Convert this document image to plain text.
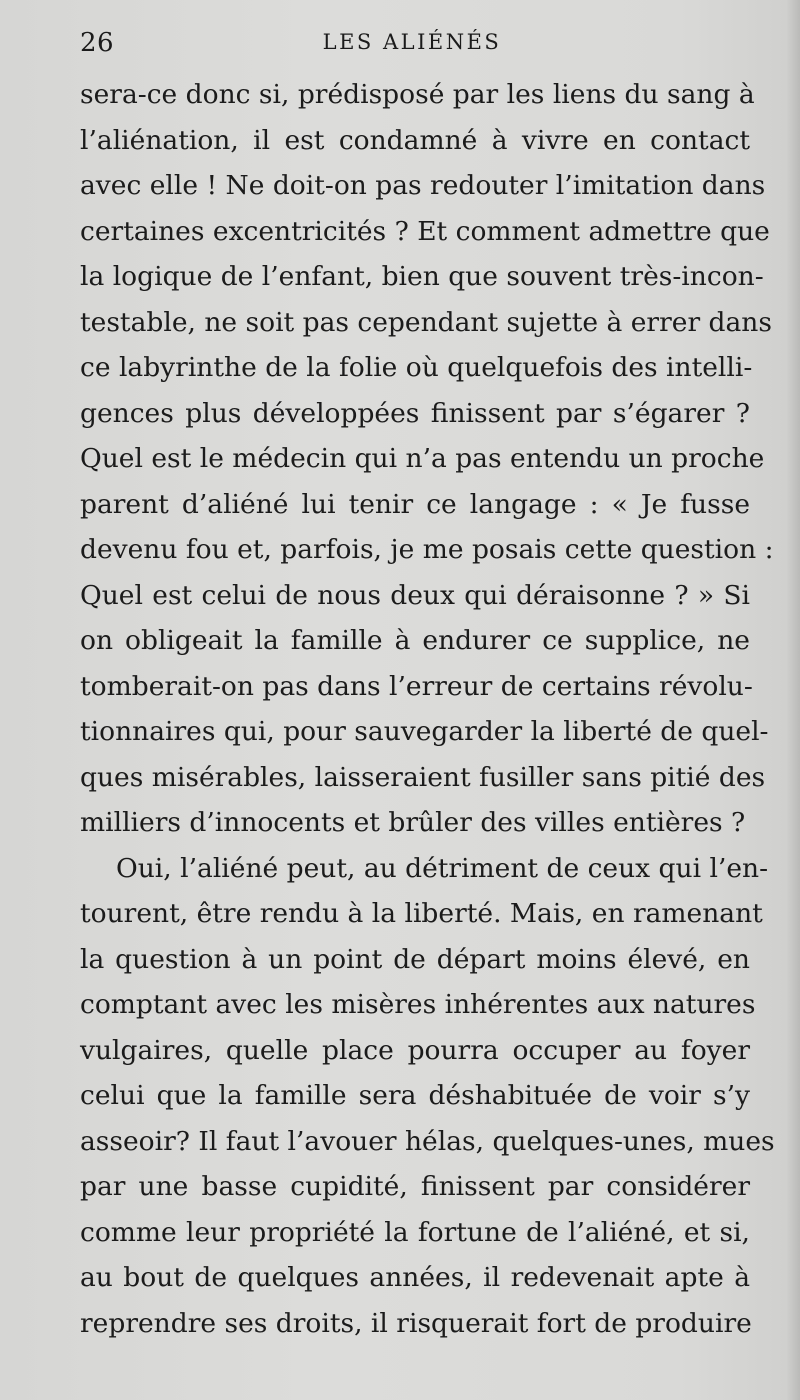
26	LES ALIÉNÉS
sera-ce donc si, prédisposé par les liens du sang à
l’aliénation, il est condamné à vivre en contact
avec elle ! Ne doit-on pas redouter l’imitation dans
certaines excentricités ? Et comment admettre que
la logique de l’enfant, bien que souvent très-incon-
testable, ne soit pas cependant sujette à errer dans
ce labyrinthe de la folie où quelquefois des intelli-
gences plus développées finissent par s’égarer ?
Quel est le médecin qui n’a pas entendu un proche
parent d’aliéné lui tenir ce langage : « Je fusse
devenu fou et, parfois, je me posais cette question :
Quel est celui de nous deux qui déraisonne ? » Si
on obligeait la famille à endurer ce supplice, ne
tomberait-on pas dans l’erreur de certains révolu-
tionnaires qui, pour sauvegarder la liberté de quel-
ques misérables, laisseraient fusiller sans pitié des
milliers d’innocents et brûler des villes entières ?
Oui, l’aliéné peut, au détriment de ceux qui l’en-
tourent, être rendu à la liberté. Mais, en ramenant
la question à un point de départ moins élevé, en
comptant avec les misères inhérentes aux natures
vulgaires, quelle place pourra occuper au foyer
celui que la famille sera déshabituée de voir s’y
asseoir? Il faut l’avouer hélas, quelques-unes, mues
par une basse cupidité, finissent par considérer
comme leur propriété la fortune de l’aliéné, et si,
au bout de quelques années, il redevenait apte à
reprendre ses droits, il risquerait fort de produire
